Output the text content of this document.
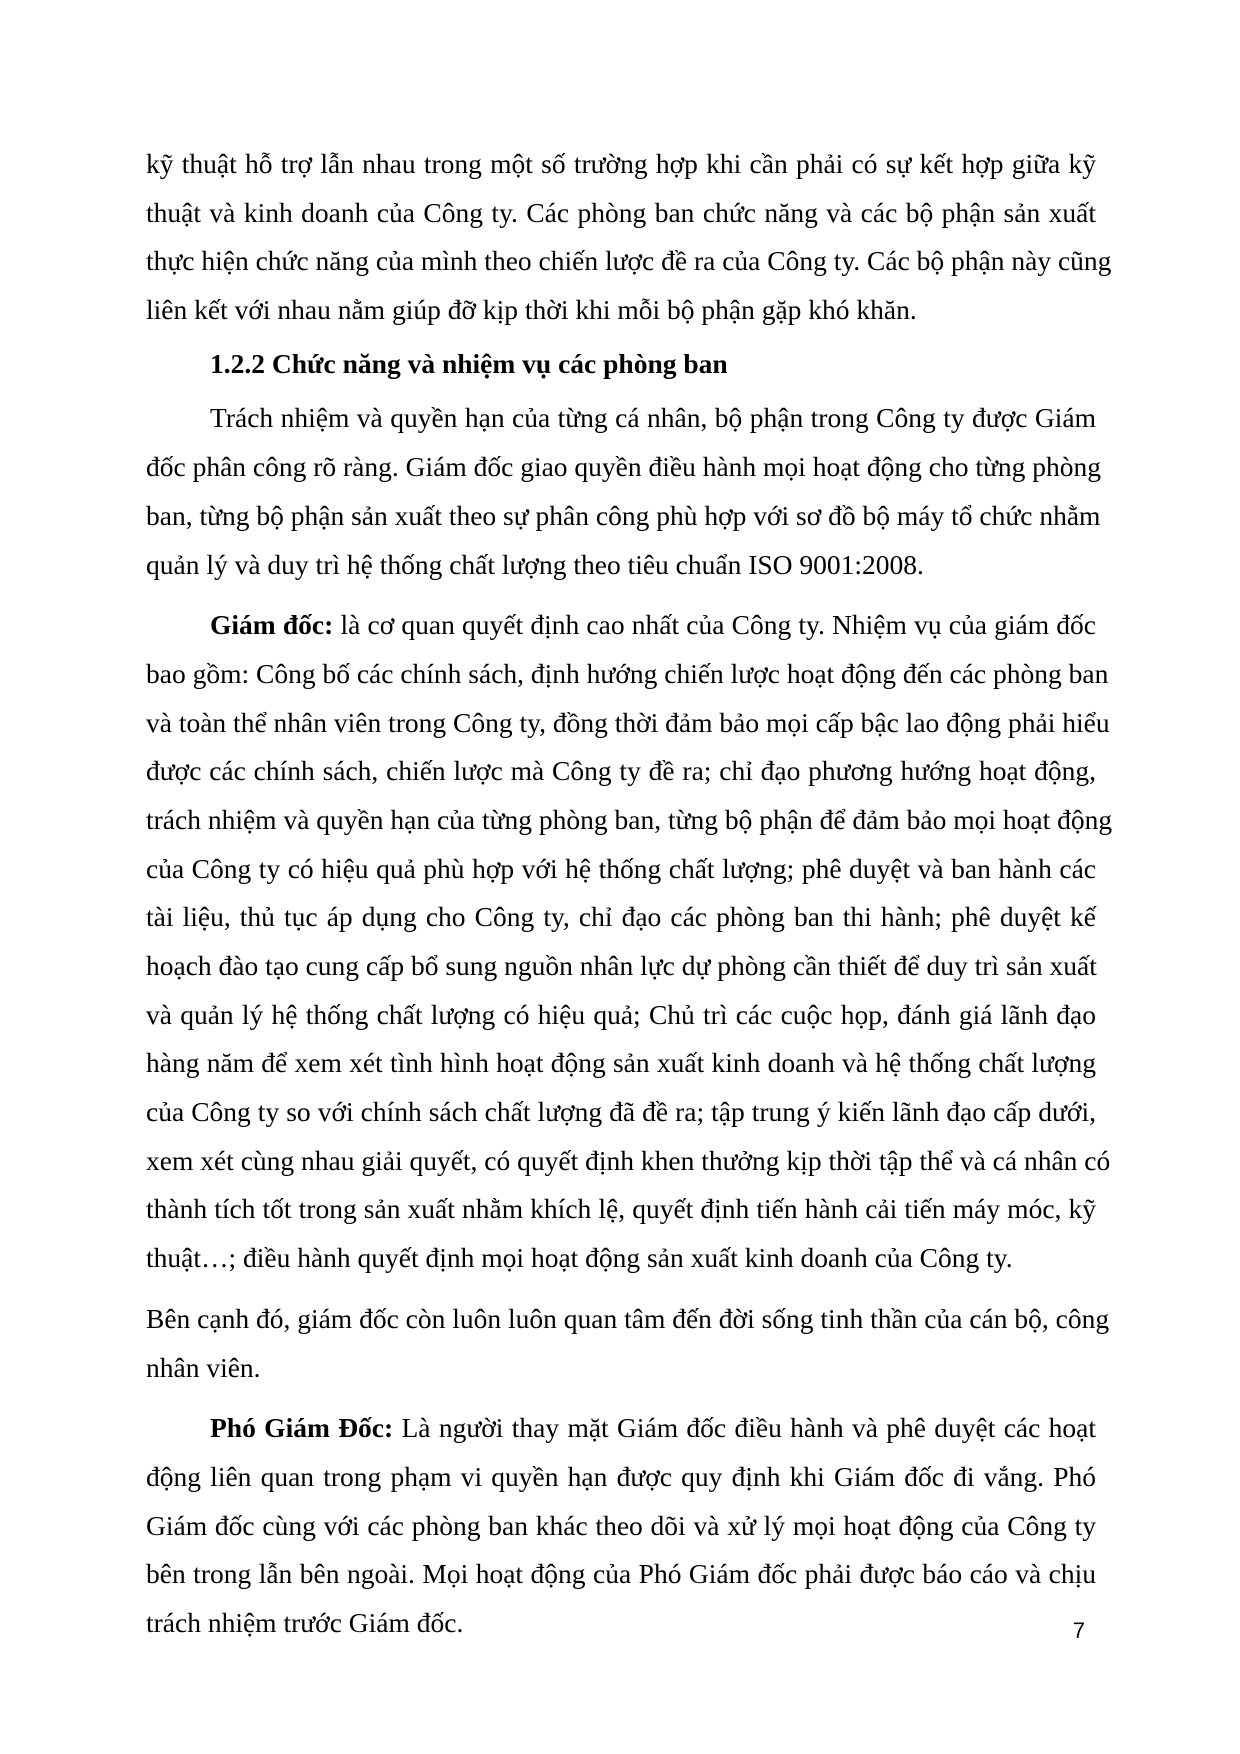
kỹ thuật hỗ trợ lẫn nhau trong một số trường hợp khi cần phải có sự kết hợp giữa kỹ
thuật và kinh doanh của Công ty. Các phòng ban chức năng và các bộ phận sản xuất
thực hiện chức năng của mình theo chiến lược đề ra của Công ty. Các bộ phận này cũng
liên kết với nhau nằm giúp đỡ kịp thời khi mỗi bộ phận gặp khó khăn.
1.2.2 Chức năng và nhiệm vụ các phòng ban
Trách nhiệm và quyền hạn của từng cá nhân, bộ phận trong Công ty được Giám
đốc phân công rõ ràng. Giám đốc giao quyền điều hành mọi hoạt động cho từng phòng
ban, từng bộ phận sản xuất theo sự phân công phù hợp với sơ đồ bộ máy tổ chức nhằm
quản lý và duy trì hệ thống chất lượng theo tiêu chuẩn ISO 9001:2008.
Giám đốc: là cơ quan quyết định cao nhất của Công ty. Nhiệm vụ của giám đốc
bao gồm: Công bố các chính sách, định hướng chiến lược hoạt động đến các phòng ban
và toàn thể nhân viên trong Công ty, đồng thời đảm bảo mọi cấp bậc lao động phải hiểu
được các chính sách, chiến lược mà Công ty đề ra; chỉ đạo phương hướng hoạt động,
trách nhiệm và quyền hạn của từng phòng ban, từng bộ phận để đảm bảo mọi hoạt động
của Công ty có hiệu quả phù hợp với hệ thống chất lượng; phê duyệt và ban hành các
tài liệu, thủ tục áp dụng cho Công ty, chỉ đạo các phòng ban thi hành; phê duyệt kế
hoạch đào tạo cung cấp bổ sung nguồn nhân lực dự phòng cần thiết để duy trì sản xuất
và quản lý hệ thống chất lượng có hiệu quả; Chủ trì các cuộc họp, đánh giá lãnh đạo
hàng năm để xem xét tình hình hoạt động sản xuất kinh doanh và hệ thống chất lượng
của Công ty so với chính sách chất lượng đã đề ra; tập trung ý kiến lãnh đạo cấp dưới,
xem xét cùng nhau giải quyết, có quyết định khen thưởng kịp thời tập thể và cá nhân có
thành tích tốt trong sản xuất nhằm khích lệ, quyết định tiến hành cải tiến máy móc, kỹ
thuật…; điều hành quyết định mọi hoạt động sản xuất kinh doanh của Công ty.
Bên cạnh đó, giám đốc còn luôn luôn quan tâm đến đời sống tinh thần của cán bộ, công
nhân viên.
Phó Giám Đốc: Là người thay mặt Giám đốc điều hành và phê duyệt các hoạt
động liên quan trong phạm vi quyền hạn được quy định khi Giám đốc đi vắng. Phó
Giám đốc cùng với các phòng ban khác theo dõi và xử lý mọi hoạt động của Công ty
bên trong lẫn bên ngoài. Mọi hoạt động của Phó Giám đốc phải được báo cáo và chịu
trách nhiệm trước Giám đốc.	7
